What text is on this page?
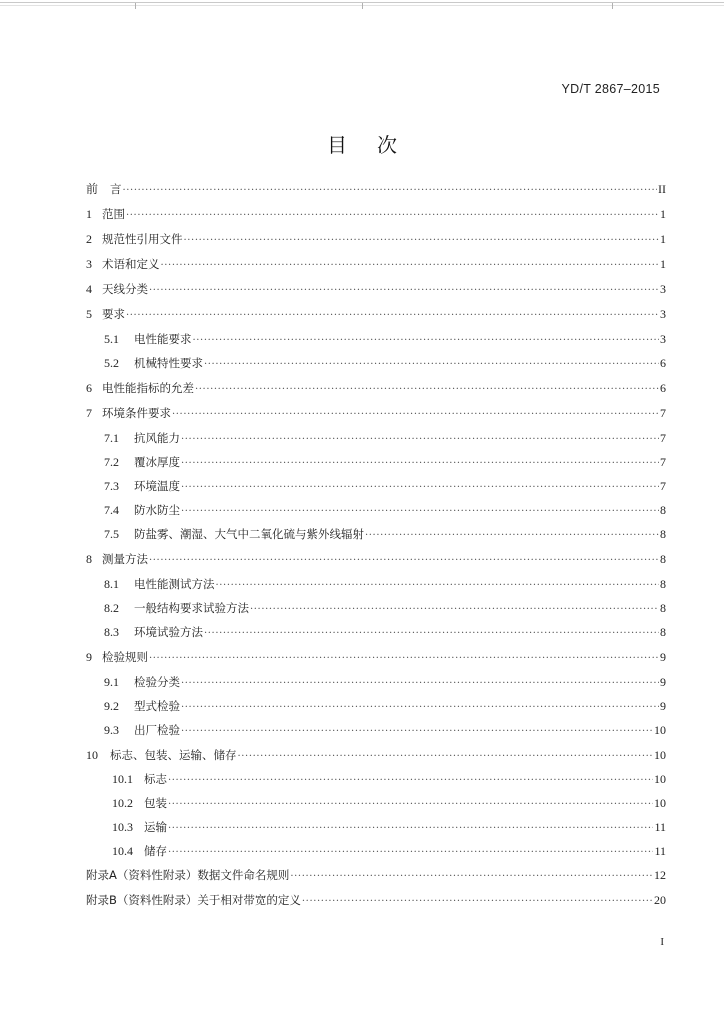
YD/T 2867–2015
目 次
前	言 ·····	II
1 范围 ·····	1
2 规范性引用文件 ·····	1
3 术语和定义 ·····	1
4 天线分类 ·····	3
5 要求 ·····	3
5.1	电性能要求 ·····	3
5.2	机械特性要求 ·····	6
6 电性能指标的允差 ·····	6
7 环境条件要求 ·····	7
7.1	抗风能力 ·····	7
7.2	覆冰厚度 ·····	7
7.3	环境温度 ·····	7
7.4	防水防尘 ·····	8
7.5	防盐雾、潮湿、大气中二氧化硫与紫外线辐射 ·····	8
8 测量方法 ·····	8
8.1	电性能测试方法 ·····	8
8.2	一般结构要求试验方法 ·····	8
8.3	环境试验方法 ·····	8
9 检验规则 ·····	9
9.1	检验分类 ·····	9
9.2	型式检验 ·····	9
9.3	出厂检验 ·····	10
10	标志、包装、运输、储存 ·····	10
10.1 标志 ·····	10
10.2 包装 ·····	10
10.3 运输 ·····	11
10.4 储存 ·····	11
附录A（资料性附录）数据文件命名规则 ·····	12
附录B（资料性附录）关于相对带宽的定义 ·····	20
I
